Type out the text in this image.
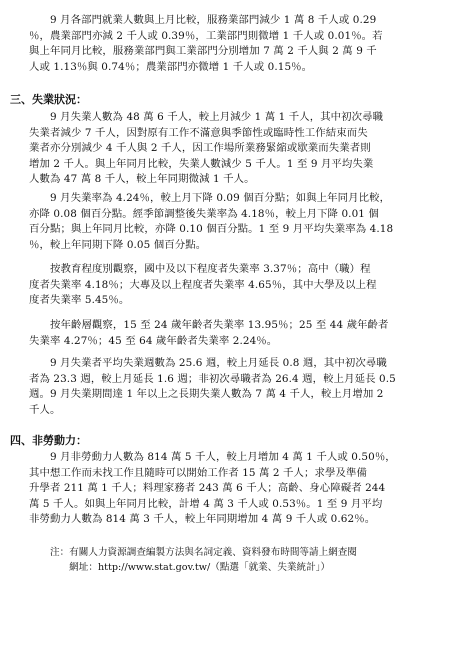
　　9 月各部門就業人數與上月比較，服務業部門減少 1 萬 8 千人或 0.29
％，農業部門亦減 2 千人或 0.39％，工業部門則微增 1 千人或 0.01％。若
與上年同月比較，服務業部門與工業部門分別增加 7 萬 2 千人與 2 萬 9 千
人或 1.13％與 0.74％；農業部門亦微增 1 千人或 0.15％。
三、失業狀況：
　　9 月失業人數為 48 萬 6 千人，較上月減少 1 萬 1 千人，其中初次尋職
失業者減少 7 千人，因對原有工作不滿意與季節性或臨時性工作結束而失
業者亦分別減少 4 千人與 2 千人，因工作場所業務緊縮或歇業而失業者則
增加 2 千人。與上年同月比較，失業人數減少 5 千人。1 至 9 月平均失業
人數為 47 萬 8 千人，較上年同期微減 1 千人。
　　9 月失業率為 4.24％，較上月下降 0.09 個百分點；如與上年同月比較，
亦降 0.08 個百分點。經季節調整後失業率為 4.18％，較上月下降 0.01 個
百分點；與上年同月比較，亦降 0.10 個百分點。1 至 9 月平均失業率為 4.18
％，較上年同期下降 0.05 個百分點。
　　按教育程度別觀察，國中及以下程度者失業率 3.37％；高中（職）程
度者失業率 4.18％；大專及以上程度者失業率 4.65％，其中大學及以上程
度者失業率 5.45％。
　　按年齡層觀察，15 至 24 歲年齡者失業率 13.95％；25 至 44 歲年齡者
失業率 4.27％；45 至 64 歲年齡者失業率 2.24％。
　　9 月失業者平均失業週數為 25.6 週，較上月延長 0.8 週，其中初次尋職
者為 23.3 週，較上月延長 1.6 週；非初次尋職者為 26.4 週，較上月延長 0.5
週。9 月失業期間達 1 年以上之長期失業人數為 7 萬 4 千人，較上月增加 2
千人。
四、非勞動力：
　　9 月非勞動力人數為 814 萬 5 千人，較上月增加 4 萬 1 千人或 0.50％，
其中想工作而未找工作且隨時可以開始工作者 15 萬 2 千人；求學及準備
升學者 211 萬 1 千人；料理家務者 243 萬 6 千人；高齡、身心障礙者 244
萬 5 千人。如與上年同月比較，計增 4 萬 3 千人或 0.53％。1 至 9 月平均
非勞動力人數為 814 萬 3 千人，較上年同期增加 4 萬 9 千人或 0.62％。
注：有關人力資源調查編製方法與名詞定義、資料發布時間等請上網查閱
　　網址：http://www.stat.gov.tw/（點選「就業、失業統計」）
